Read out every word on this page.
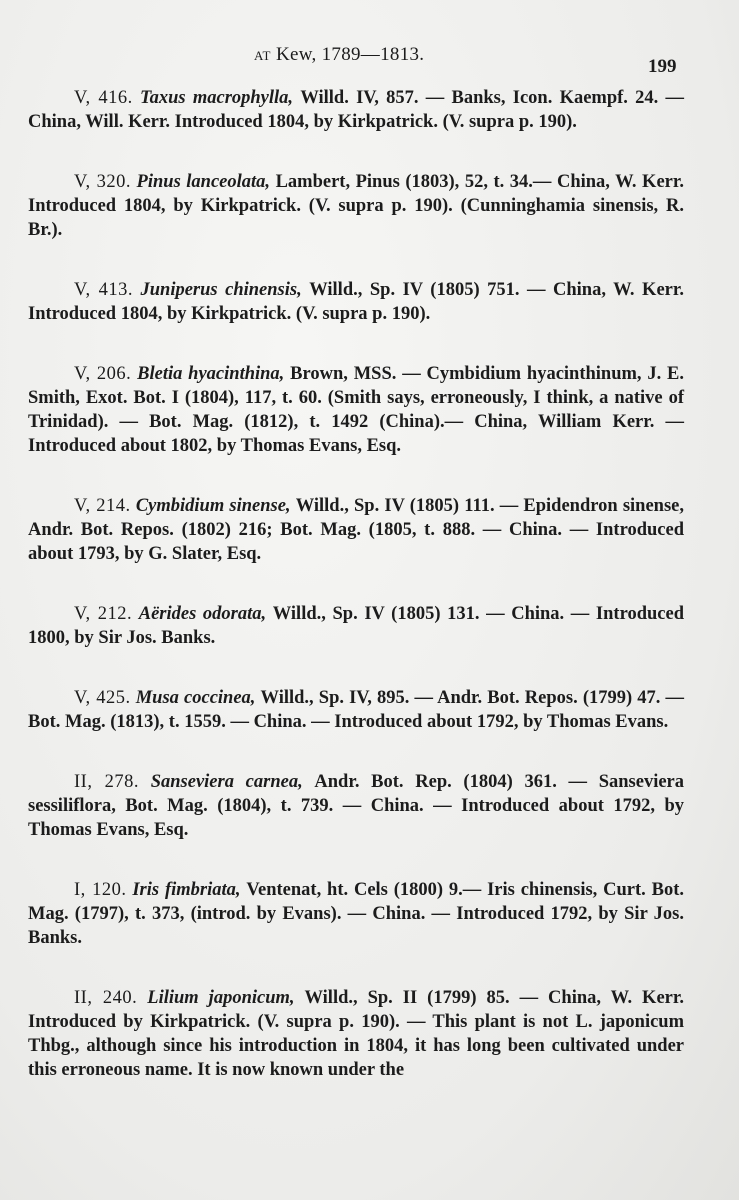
AT Kew, 1789—1813.
199

V, 416. Taxus macrophylla, Willd. IV, 857. — Banks, Icon. Kaempf. 24. — China, Will. Kerr. Introduced 1804, by Kirkpatrick. (V. supra p. 190).

V, 320. Pinus lanceolata, Lambert, Pinus (1803), 52, t. 34.— China, W. Kerr. Introduced 1804, by Kirkpatrick. (V. supra p. 190). (Cunninghamia sinensis, R. Br.).

V, 413. Juniperus chinensis, Willd., Sp. IV (1805) 751. — China, W. Kerr. Introduced 1804, by Kirkpatrick. (V. supra p. 190).

V, 206. Bletia hyacinthina, Brown, MSS. — Cymbidium hyacinthinum, J. E. Smith, Exot. Bot. I (1804), 117, t. 60. (Smith says, erroneously, I think, a native of Trinidad). — Bot. Mag. (1812), t. 1492 (China).— China, William Kerr. — Introduced about 1802, by Thomas Evans, Esq.

V, 214. Cymbidium sinense, Willd., Sp. IV (1805) 111. — Epidendron sinense, Andr. Bot. Repos. (1802) 216; Bot. Mag. (1805, t. 888. — China. — Introduced about 1793, by G. Slater, Esq.

V, 212. Aërides odorata, Willd., Sp. IV (1805) 131. — China. — Introduced 1800, by Sir Jos. Banks.

V, 425. Musa coccinea, Willd., Sp. IV, 895. — Andr. Bot. Repos. (1799) 47. — Bot. Mag. (1813), t. 1559. — China. — Introduced about 1792, by Thomas Evans.

II, 278. Sanseviera carnea, Andr. Bot. Rep. (1804) 361. — Sanseviera sessiliflora, Bot. Mag. (1804), t. 739. — China. — Introduced about 1792, by Thomas Evans, Esq.

I, 120. Iris fimbriata, Ventenat, ht. Cels (1800) 9.— Iris chinensis, Curt. Bot. Mag. (1797), t. 373, (introd. by Evans). — China. — Introduced 1792, by Sir Jos. Banks.

II, 240. Lilium japonicum, Willd., Sp. II (1799) 85. — China, W. Kerr. Introduced by Kirkpatrick. (V. supra p. 190). — This plant is not L. japonicum Thbg., although since his introduction in 1804, it has long been cultivated under this erroneous name. It is now known under the
